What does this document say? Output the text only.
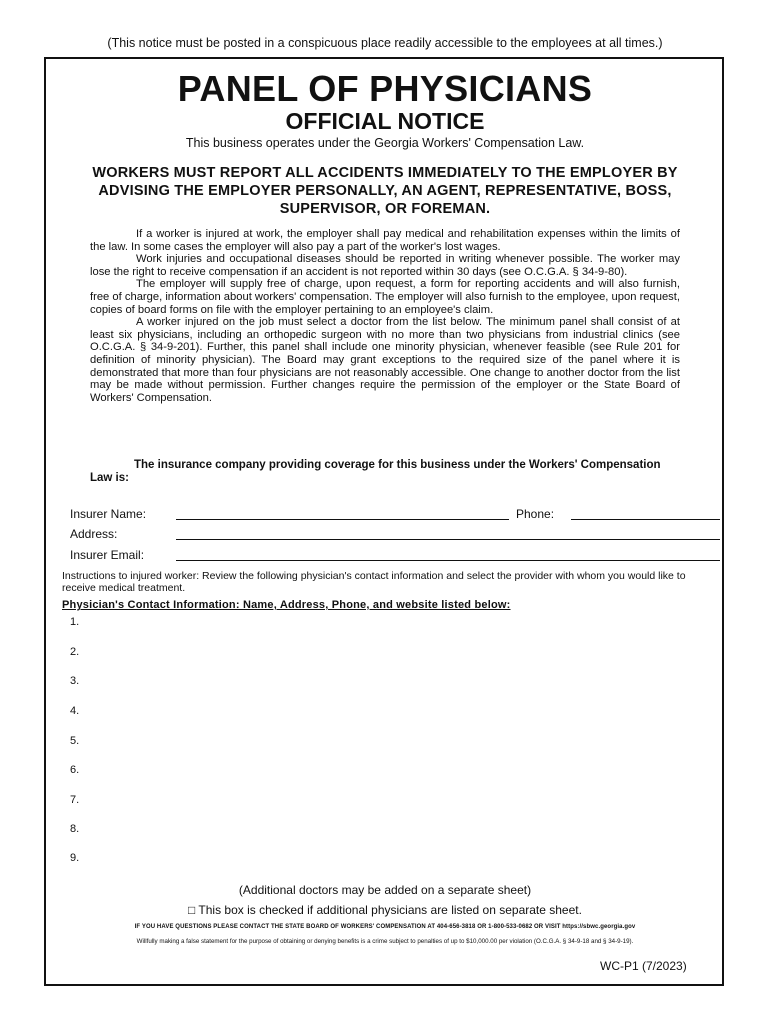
(This notice must be posted in a conspicuous place readily accessible to the employees at all times.)
PANEL OF PHYSICIANS
OFFICIAL NOTICE
This business operates under the Georgia Workers' Compensation Law.
WORKERS MUST REPORT ALL ACCIDENTS IMMEDIATELY TO THE EMPLOYER BY ADVISING THE EMPLOYER PERSONALLY, AN AGENT, REPRESENTATIVE, BOSS, SUPERVISOR, OR FOREMAN.

If a worker is injured at work, the employer shall pay medical and rehabilitation expenses within the limits of the law. In some cases the employer will also pay a part of the worker's lost wages.

Work injuries and occupational diseases should be reported in writing whenever possible. The worker may lose the right to receive compensation if an accident is not reported within 30 days (see O.C.G.A. § 34-9-80).

The employer will supply free of charge, upon request, a form for reporting accidents and will also furnish, free of charge, information about workers' compensation. The employer will also furnish to the employee, upon request, copies of board forms on file with the employer pertaining to an employee's claim.

A worker injured on the job must select a doctor from the list below. The minimum panel shall consist of at least six physicians, including an orthopedic surgeon with no more than two physicians from industrial clinics (see O.C.G.A. § 34-9-201). Further, this panel shall include one minority physician, whenever feasible (see Rule 201 for definition of minority physician). The Board may grant exceptions to the required size of the panel where it is demonstrated that more than four physicians are not reasonably accessible. One change to another doctor from the list may be made without permission. Further changes require the permission of the employer or the State Board of Workers' Compensation.

The insurance company providing coverage for this business under the Workers' Compensation Law is:
Insurer Name:	Phone:
Address:
Insurer Email:
Instructions to injured worker: Review the following physician's contact information and select the provider with whom you would like to receive medical treatment.
Physician's Contact Information: Name, Address, Phone, and website listed below:
1.
2.
3.
4.
5.
6.
7.
8.
9.
(Additional doctors may be added on a separate sheet)
□ This box is checked if additional physicians are listed on separate sheet.
IF YOU HAVE QUESTIONS PLEASE CONTACT THE STATE BOARD OF WORKERS' COMPENSATION AT 404-656-3818 OR 1-800-533-0682 OR VISIT https://sbwc.georgia.gov
Willfully making a false statement for the purpose of obtaining or denying benefits is a crime subject to penalties of up to $10,000.00 per violation (O.C.G.A. § 34-9-18 and § 34-9-19).
WC-P1 (7/2023)
